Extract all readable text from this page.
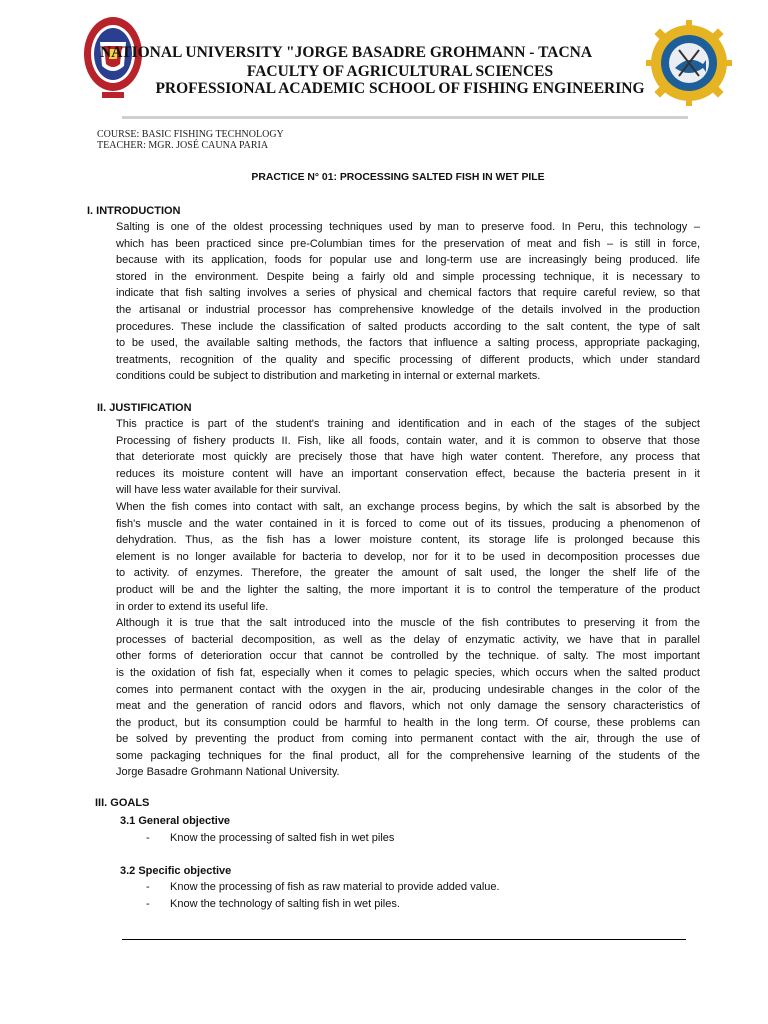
NATIONAL UNIVERSITY "JORGE BASADRE GROHMANN - TACNA
FACULTY OF AGRICULTURAL SCIENCES
PROFESSIONAL ACADEMIC SCHOOL OF FISHING ENGINEERING
COURSE: BASIC FISHING TECHNOLOGY
TEACHER: MGR. JOSÉ CAUNA PARIA
PRACTICE N° 01: PROCESSING SALTED FISH IN WET PILE
I. INTRODUCTION
Salting is one of the oldest processing techniques used by man to preserve food. In Peru, this technology –
which has been practiced since pre-Columbian times for the preservation of meat and fish – is still in force,
because with its application, foods for popular use and long-term use are increasingly being produced. life
stored in the environment. Despite being a fairly old and simple processing technique, it is necessary to
indicate that fish salting involves a series of physical and chemical factors that require careful review, so that
the artisanal or industrial processor has comprehensive knowledge of the details involved in the production
procedures. These include the classification of salted products according to the salt content, the type of salt
to be used, the available salting methods, the factors that influence a salting process, appropriate packaging,
treatments, recognition of the quality and specific processing of different products, which under standard
conditions could be subject to distribution and marketing in internal or external markets.
II. JUSTIFICATION
This practice is part of the student's training and identification and in each of the stages of the subject
Processing of fishery products II. Fish, like all foods, contain water, and it is common to observe that those
that deteriorate most quickly are precisely those that have high water content. Therefore, any process that
reduces its moisture content will have an important conservation effect, because the bacteria present in it
will have less water available for their survival.
When the fish comes into contact with salt, an exchange process begins, by which the salt is absorbed by the
fish's muscle and the water contained in it is forced to come out of its tissues, producing a phenomenon of
dehydration. Thus, as the fish has a lower moisture content, its storage life is prolonged because this
element is no longer available for bacteria to develop, nor for it to be used in decomposition processes due
to activity. of enzymes. Therefore, the greater the amount of salt used, the longer the shelf life of the
product will be and the lighter the salting, the more important it is to control the temperature of the product
in order to extend its useful life.
Although it is true that the salt introduced into the muscle of the fish contributes to preserving it from the
processes of bacterial decomposition, as well as the delay of enzymatic activity, we have that in parallel
other forms of deterioration occur that cannot be controlled by the technique. of salty. The most important
is the oxidation of fish fat, especially when it comes to pelagic species, which occurs when the salted product
comes into permanent contact with the oxygen in the air, producing undesirable changes in the color of the
meat and the generation of rancid odors and flavors, which not only damage the sensory characteristics of
the product, but its consumption could be harmful to health in the long term. Of course, these problems can
be solved by preventing the product from coming into permanent contact with the air, through the use of
some packaging techniques for the final product, all for the comprehensive learning of the students of the
Jorge Basadre Grohmann National University.
III. GOALS
3.1 General objective
- Know the processing of salted fish in wet piles
3.2 Specific objective
- Know the processing of fish as raw material to provide added value.
- Know the technology of salting fish in wet piles.
